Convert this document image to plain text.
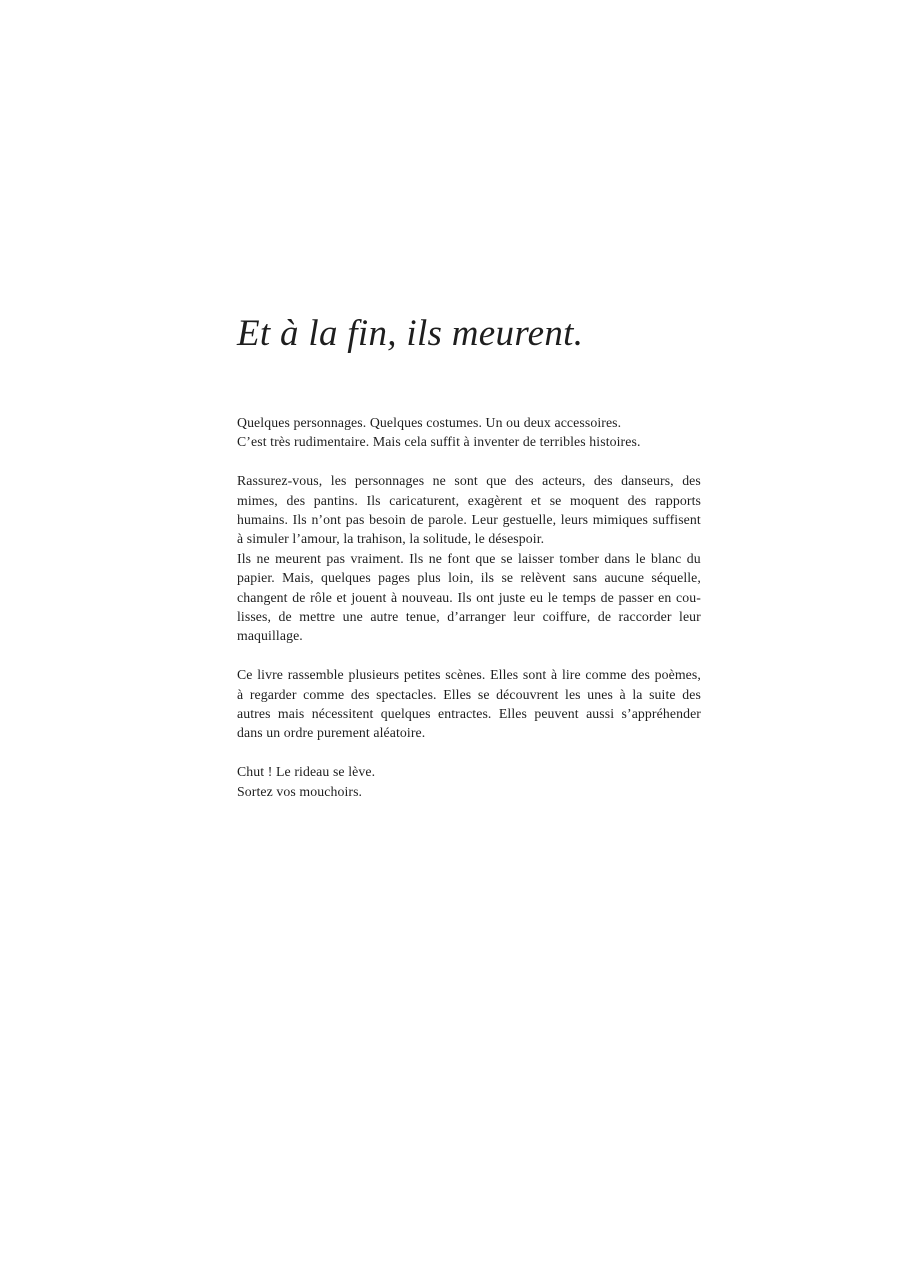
Et à la fin, ils meurent.
Quelques personnages. Quelques costumes. Un ou deux accessoires.
C’est très rudimentaire. Mais cela suffit à inventer de terribles histoires.
Rassurez-vous, les personnages ne sont que des acteurs, des danseurs, des
mimes, des pantins. Ils caricaturent, exagèrent et se moquent des rapports
humains. Ils n’ont pas besoin de parole. Leur gestuelle, leurs mimiques suffisent
à simuler l’amour, la trahison, la solitude, le désespoir.
Ils ne meurent pas vraiment. Ils ne font que se laisser tomber dans le blanc du
papier. Mais, quelques pages plus loin, ils se relèvent sans aucune séquelle,
changent de rôle et jouent à nouveau. Ils ont juste eu le temps de passer en cou-
lisses, de mettre une autre tenue, d’arranger leur coiffure, de raccorder leur
maquillage.
Ce livre rassemble plusieurs petites scènes. Elles sont à lire comme des poèmes,
à regarder comme des spectacles. Elles se découvrent les unes à la suite des
autres mais nécessitent quelques entractes. Elles peuvent aussi s’appréhender
dans un ordre purement aléatoire.
Chut ! Le rideau se lève.
Sortez vos mouchoirs.
